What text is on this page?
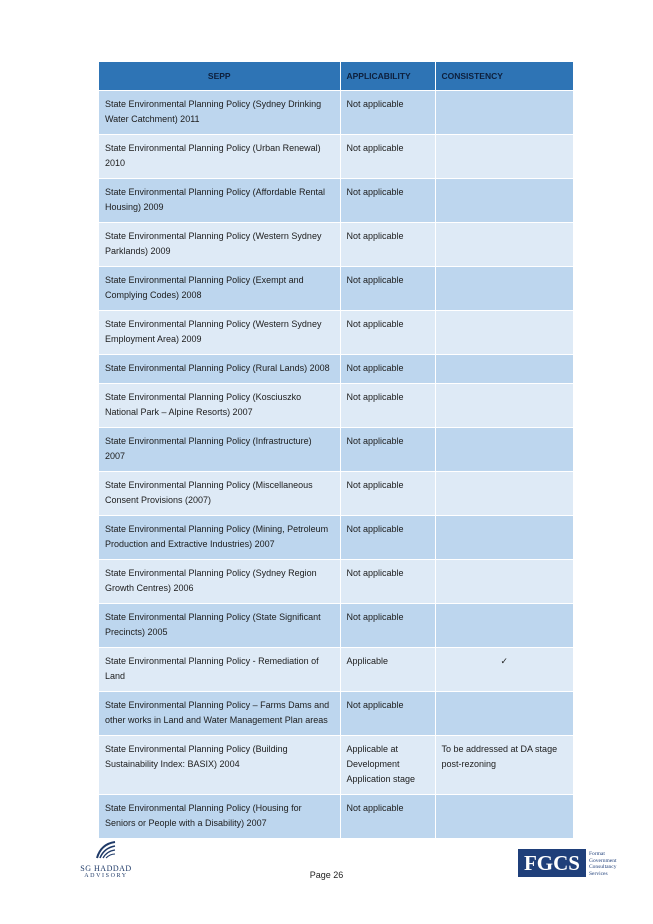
SEPP	APPLICABILITY	CONSISTENCY
State Environmental Planning Policy (Sydney Drinking Water Catchment) 2011	Not applicable	
State Environmental Planning Policy (Urban Renewal) 2010	Not applicable	
State Environmental Planning Policy (Affordable Rental Housing) 2009	Not applicable	
State Environmental Planning Policy (Western Sydney Parklands) 2009	Not applicable	
State Environmental Planning Policy (Exempt and Complying Codes) 2008	Not applicable	
State Environmental Planning Policy (Western Sydney Employment Area) 2009	Not applicable	
State Environmental Planning Policy (Rural Lands) 2008	Not applicable	
State Environmental Planning Policy (Kosciuszko National Park – Alpine Resorts) 2007	Not applicable	
State Environmental Planning Policy (Infrastructure) 2007	Not applicable	
State Environmental Planning Policy (Miscellaneous Consent Provisions (2007)	Not applicable	
State Environmental Planning Policy (Mining, Petroleum Production and Extractive Industries) 2007	Not applicable	
State Environmental Planning Policy (Sydney Region Growth Centres) 2006	Not applicable	
State Environmental Planning Policy (State Significant Precincts) 2005	Not applicable	
State Environmental Planning Policy - Remediation of Land	Applicable	✓
State Environmental Planning Policy – Farms Dams and other works in Land and Water Management Plan areas	Not applicable	
State Environmental Planning Policy (Building Sustainability Index: BASIX) 2004	Applicable at Development Application stage	To be addressed at DA stage post-rezoning
State Environmental Planning Policy (Housing for Seniors or People with a Disability) 2007	Not applicable	
SG HADDAD
ADVISORY	Page 26	FGCS	Format
Government
Consultancy
Services
